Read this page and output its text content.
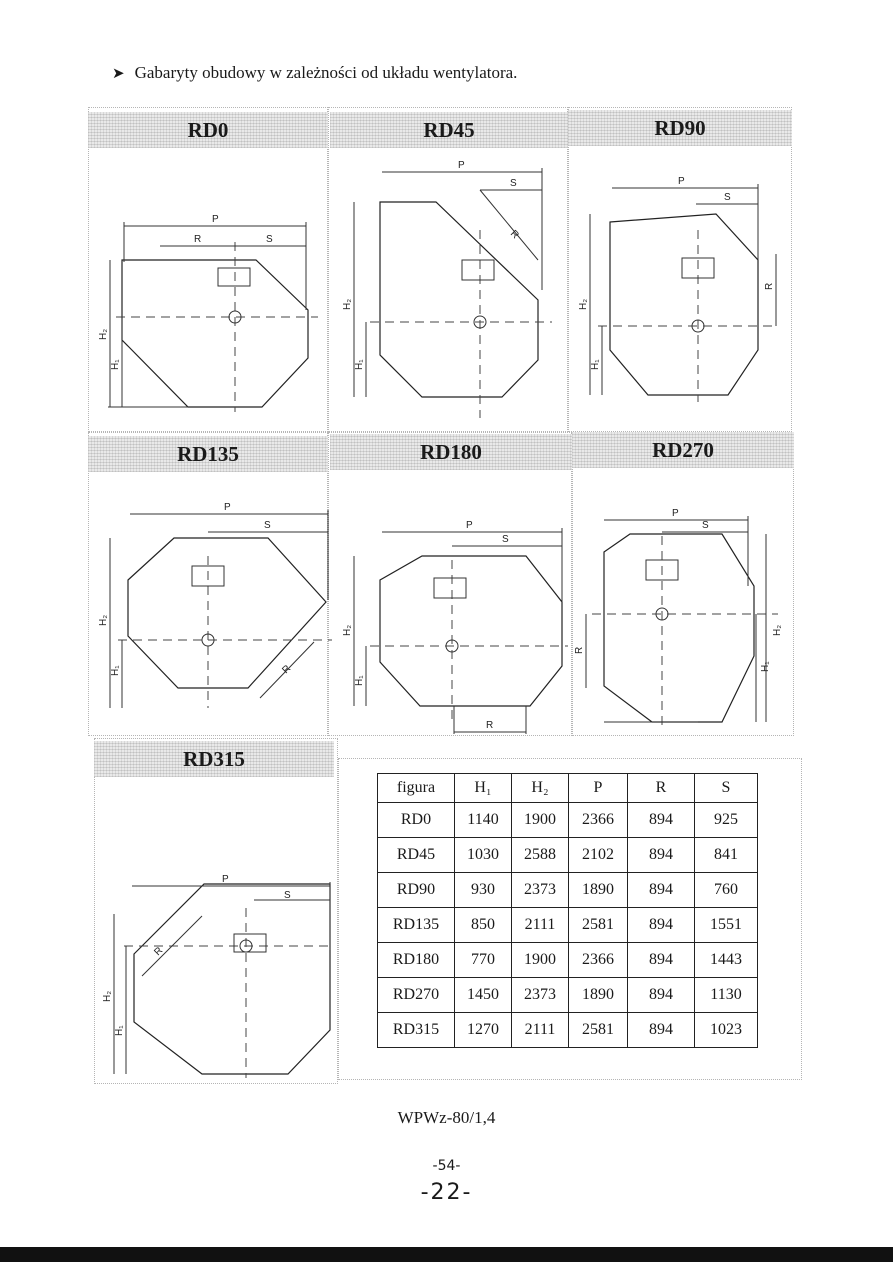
➤ Gabaryty obudowy w zależności od układu wentylatora.
RD0	RD45	RD90
P
R	S
H₂
H₁
P
S
R
H₂
H₁
P
S
R
H₂
H₁
RD135	RD180	RD270
P
S
R
H₂
H₁
P
S
R
H₂
H₁
P
S
R
H₂
H₁
RD315
P
S
R
H₂
H₁
figura	H₁	H₂	P	R	S
RD0	1140	1900	2366	894	925
RD45	1030	2588	2102	894	841
RD90	930	2373	1890	894	760
RD135	850	2111	2581	894	1551
RD180	770	1900	2366	894	1443
RD270	1450	2373	1890	894	1130
RD315	1270	2111	2581	894	1023
WPWz-80/1,4
-54-
-22-
